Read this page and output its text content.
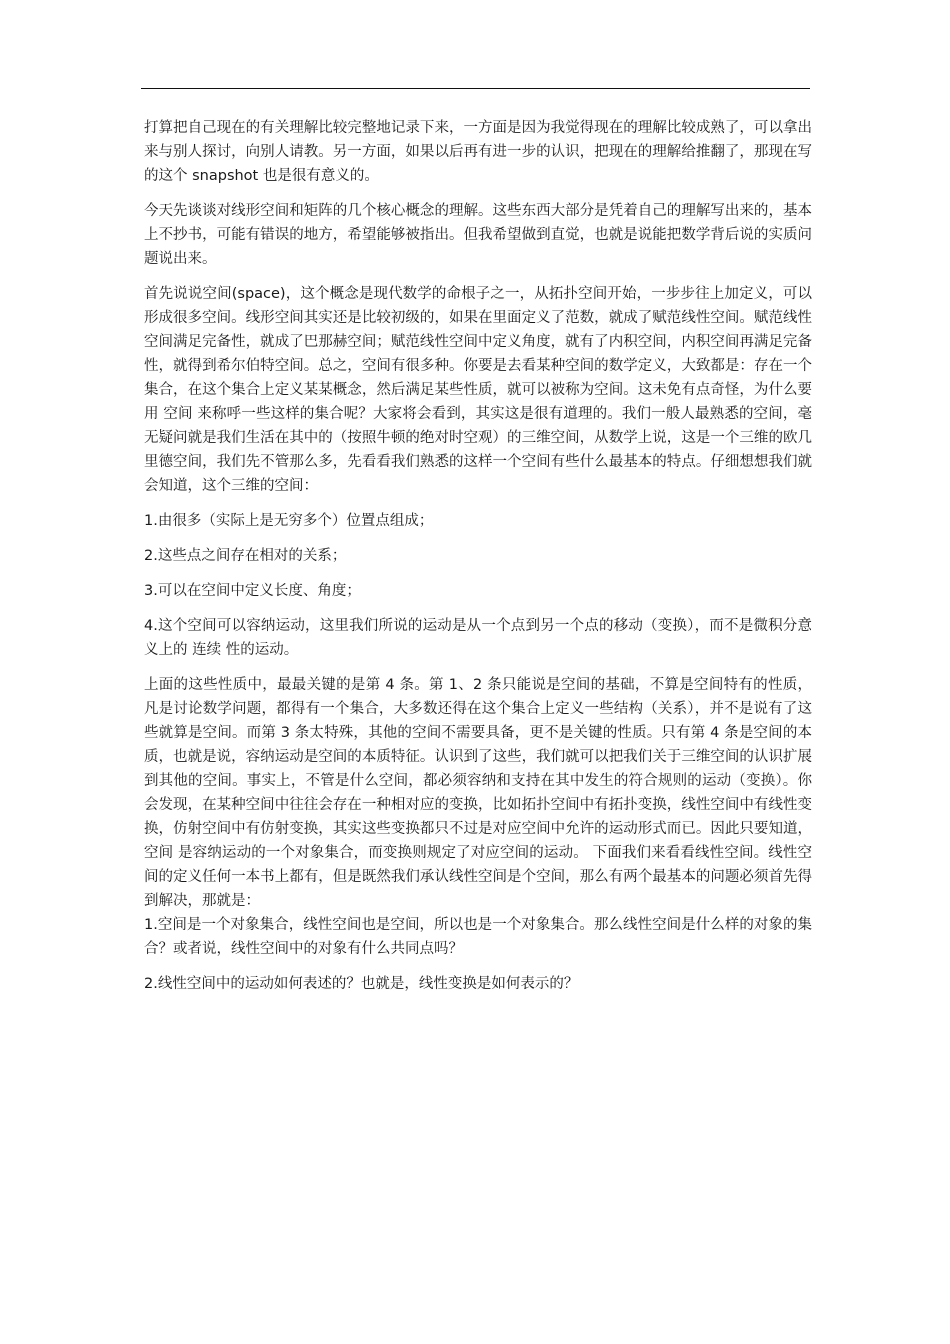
打算把自己现在的有关理解比较完整地记录下来，一方面是因为我觉得现在的理解比较成熟了，可以拿出来与别人探讨，向别人请教。另一方面，如果以后再有进一步的认识，把现在的理解给推翻了，那现在写的这个 snapshot 也是很有意义的。

今天先谈谈对线形空间和矩阵的几个核心概念的理解。这些东西大部分是凭着自己的理解写出来的，基本上不抄书，可能有错误的地方，希望能够被指出。但我希望做到直觉，也就是说能把数学背后说的实质问题说出来。

首先说说空间(space)，这个概念是现代数学的命根子之一，从拓扑空间开始，一步步往上加定义，可以形成很多空间。线形空间其实还是比较初级的，如果在里面定义了范数，就成了赋范线性空间。赋范线性空间满足完备性，就成了巴那赫空间；赋范线性空间中定义角度，就有了内积空间，内积空间再满足完备性，就得到希尔伯特空间。总之，空间有很多种。你要是去看某种空间的数学定义，大致都是：存在一个集合，在这个集合上定义某某概念，然后满足某些性质，就可以被称为空间。这未免有点奇怪，为什么要用 空间 来称呼一些这样的集合呢？大家将会看到，其实这是很有道理的。我们一般人最熟悉的空间，毫无疑问就是我们生活在其中的（按照牛顿的绝对时空观）的三维空间，从数学上说，这是一个三维的欧几里德空间，我们先不管那么多，先看看我们熟悉的这样一个空间有些什么最基本的特点。仔细想想我们就会知道，这个三维的空间：

1.由很多（实际上是无穷多个）位置点组成；

2.这些点之间存在相对的关系；

3.可以在空间中定义长度、角度；

4.这个空间可以容纳运动，这里我们所说的运动是从一个点到另一个点的移动（变换），而不是微积分意义上的 连续 性的运动。

上面的这些性质中，最最关键的是第 4 条。第 1、2 条只能说是空间的基础，不算是空间特有的性质，凡是讨论数学问题，都得有一个集合，大多数还得在这个集合上定义一些结构（关系），并不是说有了这些就算是空间。而第 3 条太特殊，其他的空间不需要具备，更不是关键的性质。只有第 4 条是空间的本质，也就是说，容纳运动是空间的本质特征。认识到了这些，我们就可以把我们关于三维空间的认识扩展到其他的空间。事实上，不管是什么空间，都必须容纳和支持在其中发生的符合规则的运动（变换）。你会发现，在某种空间中往往会存在一种相对应的变换，比如拓扑空间中有拓扑变换，线性空间中有线性变换，仿射空间中有仿射变换，其实这些变换都只不过是对应空间中允许的运动形式而已。因此只要知道，空间 是容纳运动的一个对象集合，而变换则规定了对应空间的运动。 下面我们来看看线性空间。线性空间的定义任何一本书上都有，但是既然我们承认线性空间是个空间，那么有两个最基本的问题必须首先得到解决，那就是：

1.空间是一个对象集合，线性空间也是空间，所以也是一个对象集合。那么线性空间是什么样的对象的集合？或者说，线性空间中的对象有什么共同点吗？

2.线性空间中的运动如何表述的？也就是，线性变换是如何表示的？
